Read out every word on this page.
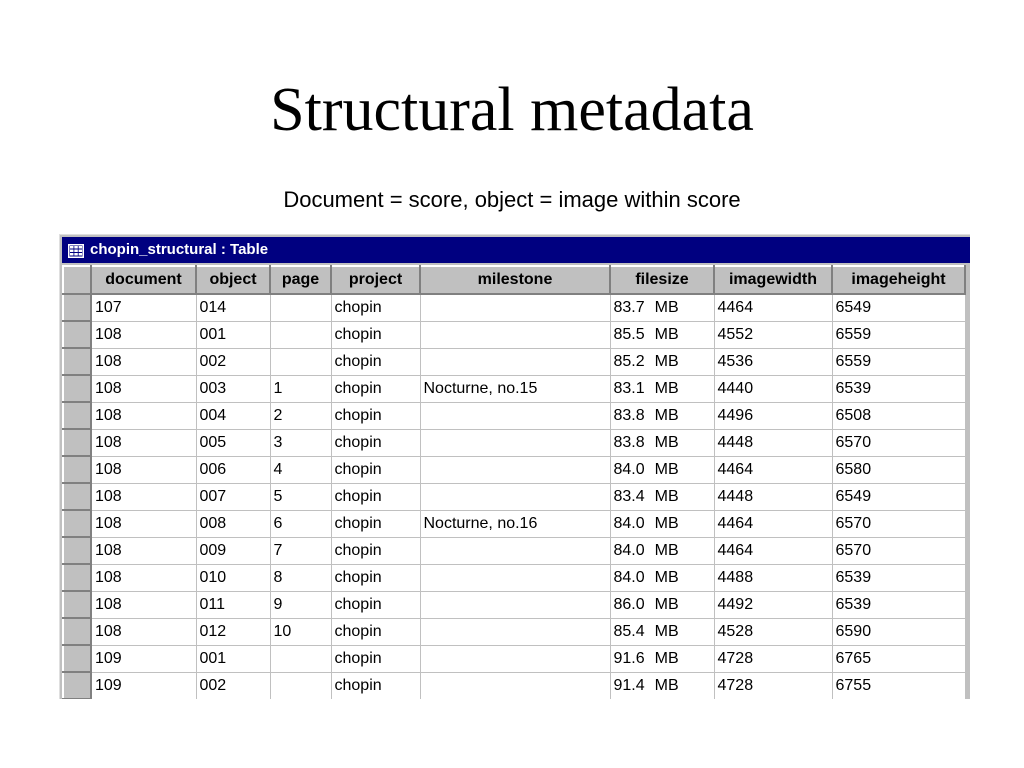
Structural metadata
Document = score, object = image within score
chopin_structural : Table
	document	object	page	project	milestone	filesize	imagewidth	imageheight
	107	014		chopin		83.7 MB	4464	6549
	108	001		chopin		85.5 MB	4552	6559
	108	002		chopin		85.2 MB	4536	6559
	108	003	1	chopin	Nocturne, no.15	83.1 MB	4440	6539
	108	004	2	chopin		83.8 MB	4496	6508
	108	005	3	chopin		83.8 MB	4448	6570
	108	006	4	chopin		84.0 MB	4464	6580
	108	007	5	chopin		83.4 MB	4448	6549
	108	008	6	chopin	Nocturne, no.16	84.0 MB	4464	6570
	108	009	7	chopin		84.0 MB	4464	6570
	108	010	8	chopin		84.0 MB	4488	6539
	108	011	9	chopin		86.0 MB	4492	6539
	108	012	10	chopin		85.4 MB	4528	6590
	109	001		chopin		91.6 MB	4728	6765
	109	002		chopin		91.4 MB	4728	6755
